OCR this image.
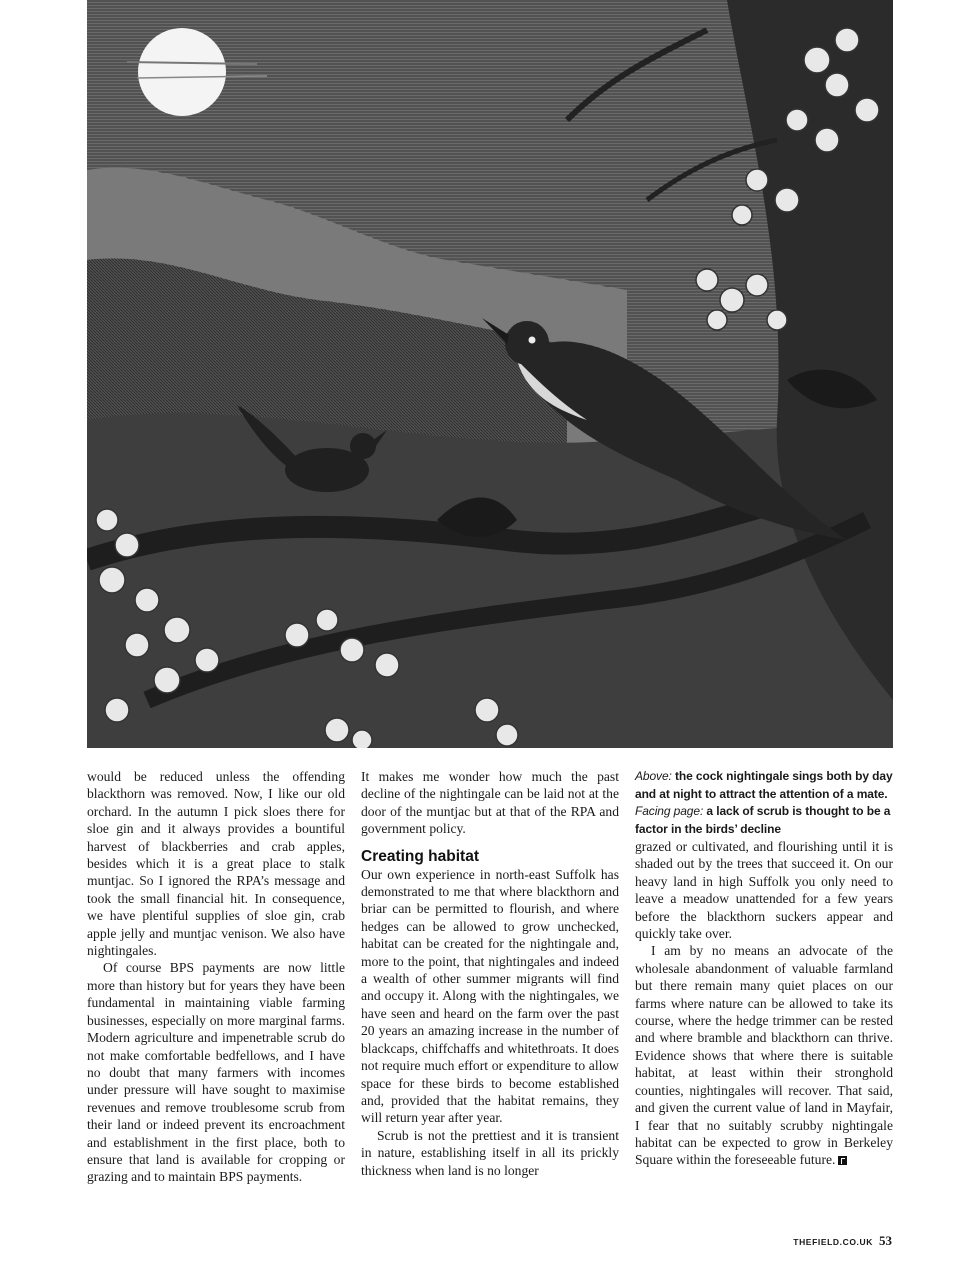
would be reduced unless the offending blackthorn was removed. Now, I like our old orchard. In the autumn I pick sloes there for sloe gin and it always provides a bountiful harvest of blackberries and crab apples, besides which it is a great place to stalk muntjac. So I ignored the RPA’s message and took the small financial hit. In consequence, we have plentiful supplies of sloe gin, crab apple jelly and muntjac venison. We also have nightingales.

Of course BPS payments are now little more than history but for years they have been fundamental in maintaining viable farming businesses, especially on more marginal farms. Modern agriculture and impenetrable scrub do not make comfortable bedfellows, and I have no doubt that many farmers with incomes under pressure will have sought to maximise revenues and remove troublesome scrub from their land or indeed prevent its encroachment and establishment in the first place, both to ensure that land is available for cropping or grazing and to maintain BPS payments.

It makes me wonder how much the past decline of the nightingale can be laid not at the door of the muntjac but at that of the RPA and government policy.

Creating habitat

Our own experience in north-east Suffolk has demonstrated to me that where blackthorn and briar can be permitted to flourish, and where hedges can be allowed to grow unchecked, habitat can be created for the nightingale and, more to the point, that nightingales and indeed a wealth of other summer migrants will find and occupy it. Along with the nightingales, we have seen and heard on the farm over the past 20 years an amazing increase in the number of blackcaps, chiffchaffs and whitethroats. It does not require much effort or expenditure to allow space for these birds to become established and, provided that the habitat remains, they will return year after year.

Scrub is not the prettiest and it is transient in nature, establishing itself in all its prickly thickness when land is no longer

Above: the cock nightingale sings both by day and at night to attract the attention of a mate. Facing page: a lack of scrub is thought to be a factor in the birds’ decline

grazed or cultivated, and flourishing until it is shaded out by the trees that succeed it. On our heavy land in high Suffolk you only need to leave a meadow unattended for a few years before the blackthorn suckers appear and quickly take over.

I am by no means an advocate of the wholesale abandonment of valuable farmland but there remain many quiet places on our farms where nature can be allowed to take its course, where the hedge trimmer can be rested and where bramble and blackthorn can thrive. Evidence shows that where there is suitable habitat, at least within their stronghold counties, nightingales will recover. That said, and given the current value of land in Mayfair, I fear that no suitably scrubby nightingale habitat can be expected to grow in Berkeley Square within the foreseeable future.

THEFIELD.CO.UK 53
